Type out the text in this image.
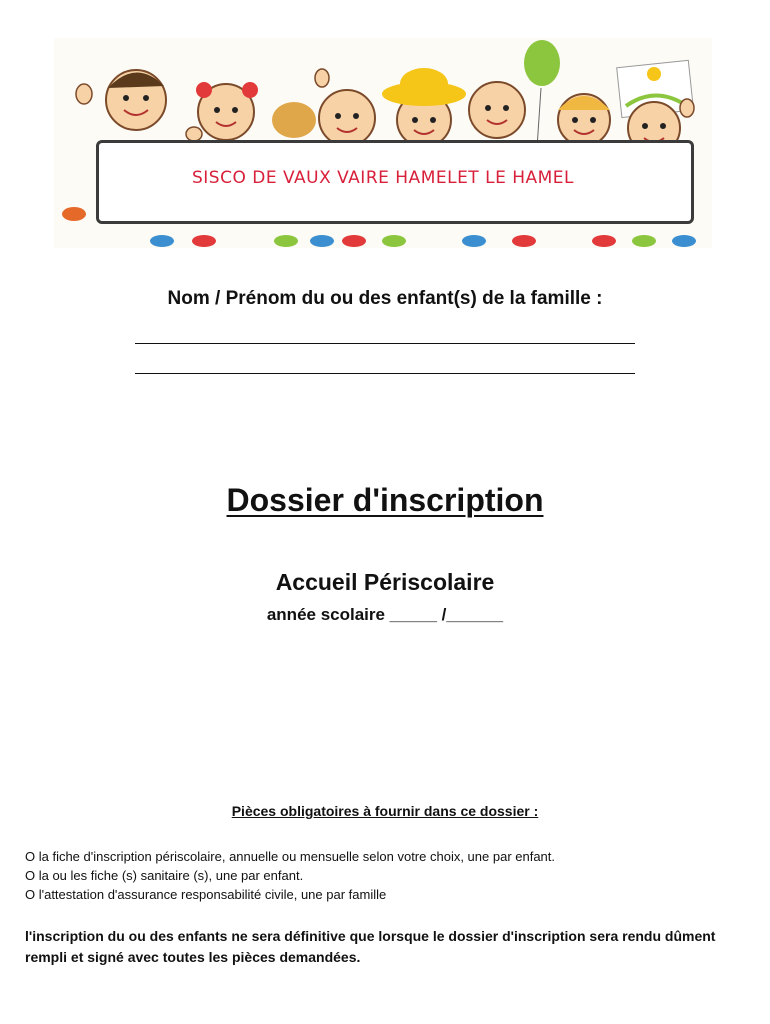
SISCO DE VAUX VAIRE HAMELET LE HAMEL
Nom / Prénom du ou des enfant(s) de la famille :
Dossier d'inscription
Accueil Périscolaire
année scolaire _____ /______
Pièces obligatoires à fournir dans ce dossier :
O la fiche d'inscription périscolaire, annuelle ou mensuelle selon votre choix, une par enfant.
O la ou les fiche (s) sanitaire (s), une par enfant.
O l'attestation d'assurance responsabilité civile, une par famille
l'inscription du ou des enfants ne sera définitive que lorsque le dossier d'inscription sera rendu dûment rempli et signé avec toutes les pièces demandées.
